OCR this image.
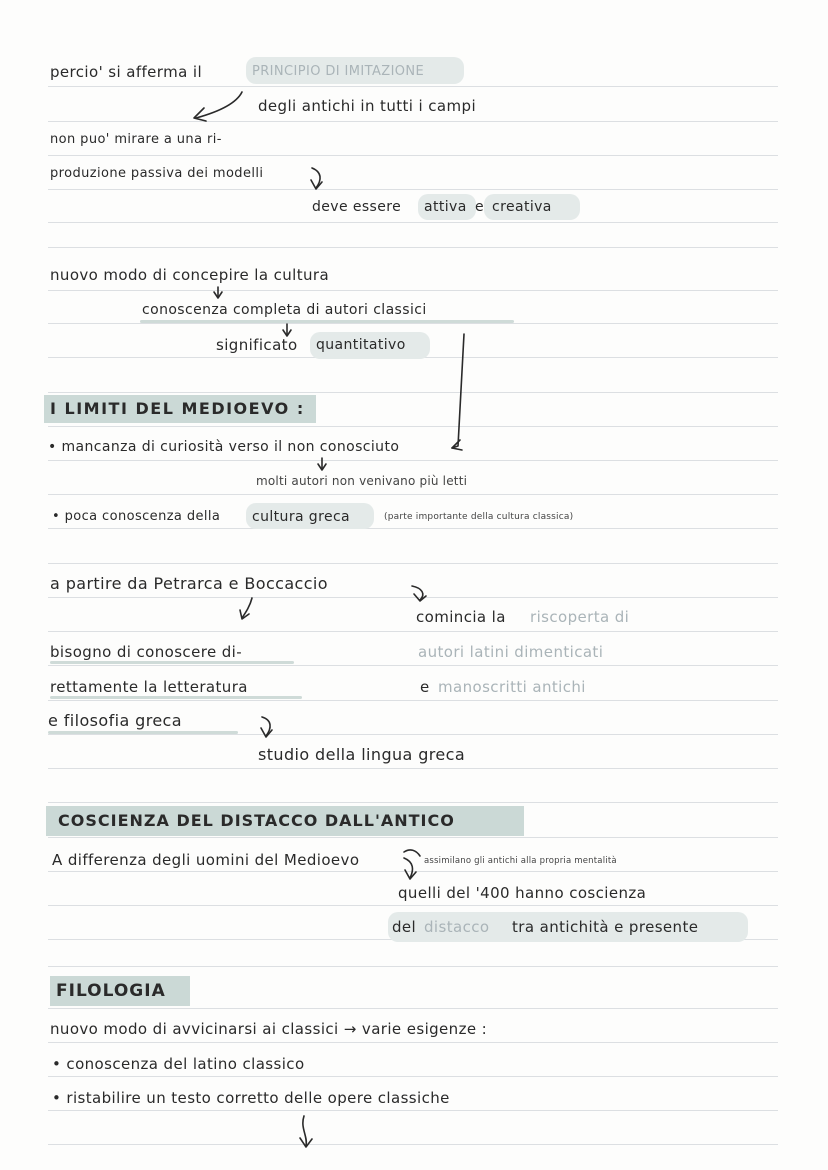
percio' si afferma il	PRINCIPIO DI IMITAZIONE
degli antichi in tutti i campi
non puo' mirare a una ri-
produzione passiva dei modelli
deve essere attiva e creativa
nuovo modo di concepire la cultura
conoscenza completa di autori classici
significato quantitativo
I LIMITI DEL MEDIOEVO :
• mancanza di curiosità verso il non conosciuto
molti autori non venivano più letti
• poca conoscenza della cultura greca	(parte importante della cultura classica)
a partire da Petrarca e Boccaccio
comincia la riscoperta di
bisogno di conoscere di-	autori latini dimenticati
rettamente la letteratura	e manoscritti antichi
e filosofia greca
studio della lingua greca
COSCIENZA DEL DISTACCO DALL'ANTICO
A differenza degli uomini del Medioevo	assimilano gli antichi alla propria mentalità
quelli del '400 hanno coscienza
del distacco tra antichità e presente
FILOLOGIA
nuovo modo di avvicinarsi ai classici → varie esigenze :
• conoscenza del latino classico
• ristabilire un testo corretto delle opere classiche
